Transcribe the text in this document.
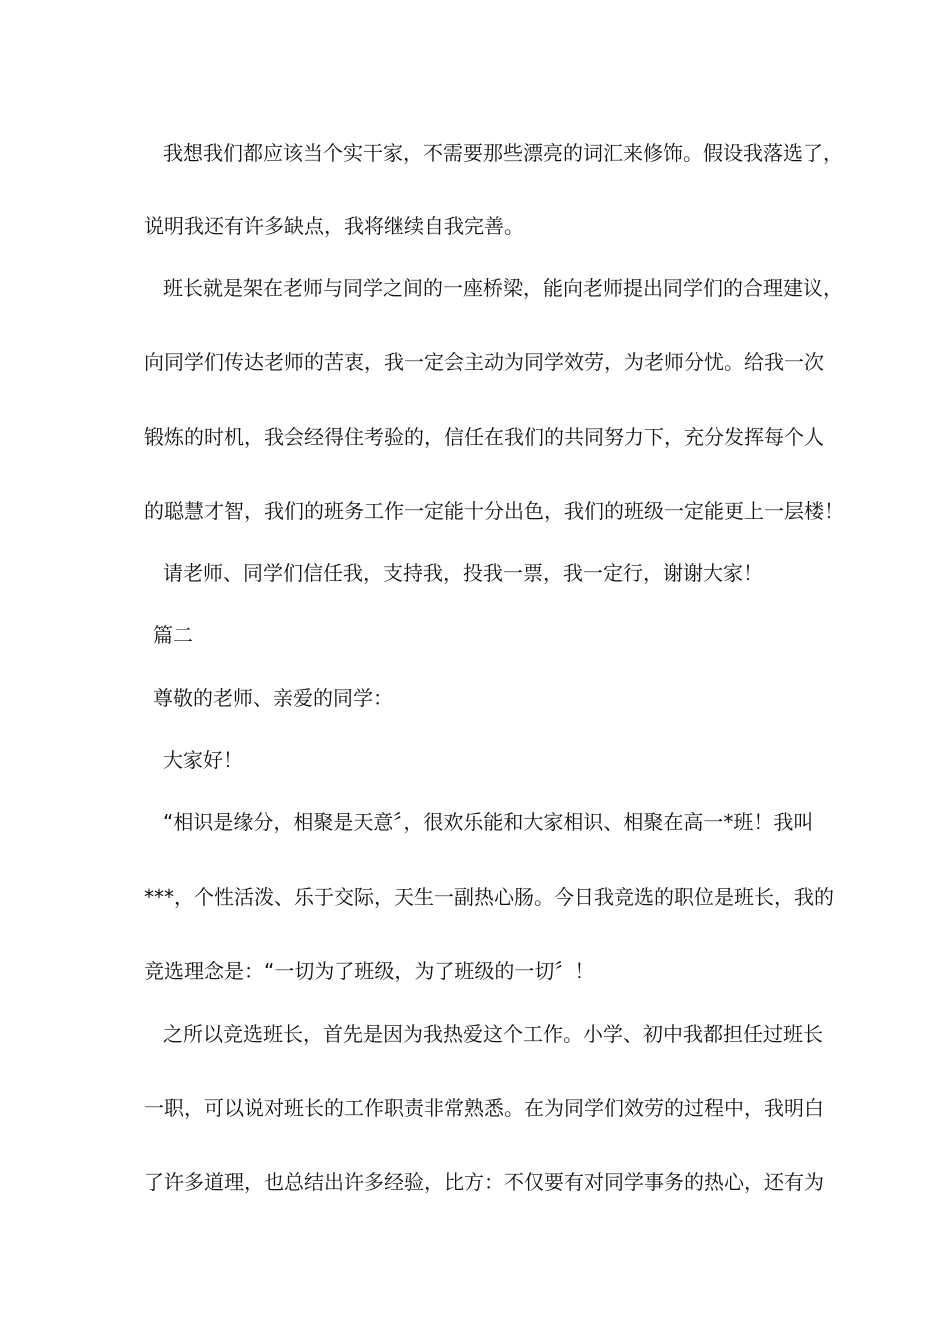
我想我们都应该当个实干家，不需要那些漂亮的词汇来修饰。假设我落选了，

说明我还有许多缺点，我将继续自我完善。

班长就是架在老师与同学之间的一座桥梁，能向老师提出同学们的合理建议，

向同学们传达老师的苦衷，我一定会主动为同学效劳，为老师分忧。给我一次

锻炼的时机，我会经得住考验的，信任在我们的共同努力下，充分发挥每个人

的聪慧才智，我们的班务工作一定能十分出色，我们的班级一定能更上一层楼！

请老师、同学们信任我，支持我，投我一票，我一定行，谢谢大家！

篇二

尊敬的老师、亲爱的同学：

大家好！

“相识是缘分，相聚是天意〞，很欢乐能和大家相识、相聚在高一*班！我叫

***，个性活泼、乐于交际，天生一副热心肠。今日我竞选的职位是班长，我的

竞选理念是：“一切为了班级，为了班级的一切〞！

之所以竞选班长，首先是因为我热爱这个工作。小学、初中我都担任过班长

一职，可以说对班长的工作职责非常熟悉。在为同学们效劳的过程中，我明白

了许多道理，也总结出许多经验，比方：不仅要有对同学事务的热心，还有为
